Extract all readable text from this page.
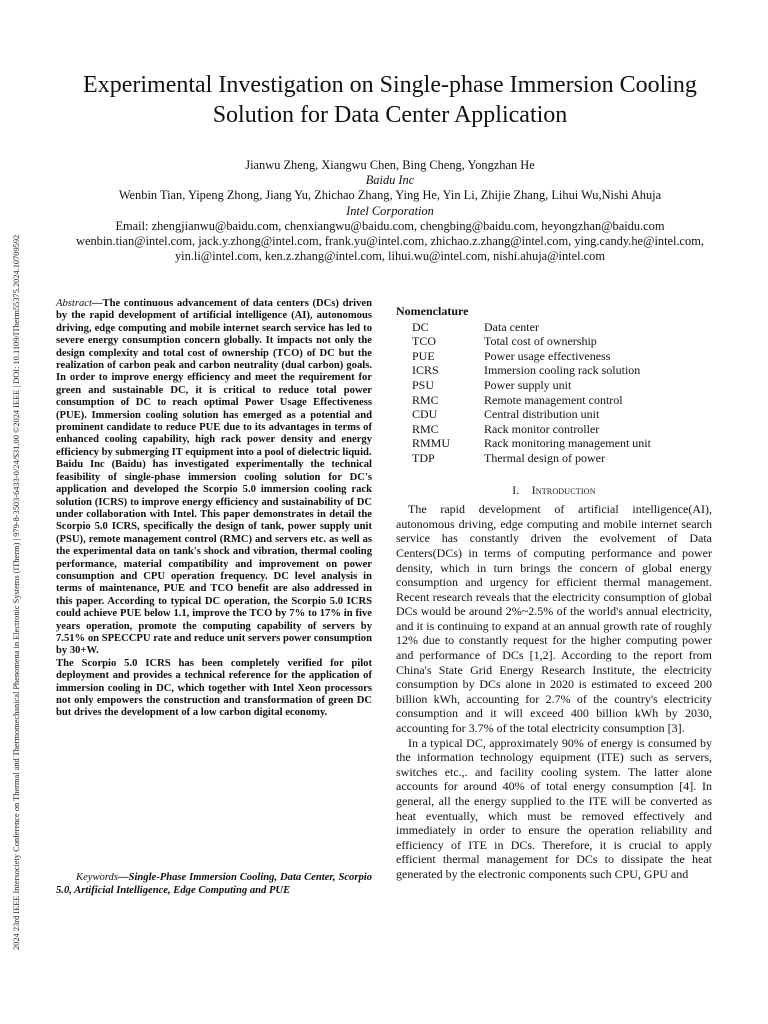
2024 23rd IEEE Intersociety Conference on Thermal and Thermomechanical Phenomena in Electronic Systems (ITherm) | 979-8-3503-6433-0/24/$31.00 ©2024 IEEE | DOI: 10.1109/ITherm55375.2024.10709592
Experimental Investigation on Single-phase Immersion Cooling
Solution for Data Center Application
Jianwu Zheng, Xiangwu Chen, Bing Cheng, Yongzhan He
Baidu Inc
Wenbin Tian, Yipeng Zhong, Jiang Yu, Zhichao Zhang, Ying He, Yin Li, Zhijie Zhang, Lihui Wu,Nishi Ahuja
Intel Corporation
Email: zhengjianwu@baidu.com, chenxiangwu@baidu.com, chengbing@baidu.com, heyongzhan@baidu.com
wenbin.tian@intel.com, jack.y.zhong@intel.com, frank.yu@intel.com, zhichao.z.zhang@intel.com, ying.candy.he@intel.com,
yin.li@intel.com, ken.z.zhang@intel.com, lihui.wu@intel.com, nishi.ahuja@intel.com

Abstract—The continuous advancement of data centers (DCs) driven by the rapid development of artificial intelligence (AI), autonomous driving, edge computing and mobile internet search service has led to severe energy consumption concern globally. It impacts not only the design complexity and total cost of ownership (TCO) of DC but the realization of carbon peak and carbon neutrality (dual carbon) goals. In order to improve energy efficiency and meet the requirement for green and sustainable DC, it is critical to reduce total power consumption of DC to reach optimal Power Usage Effectiveness (PUE). Immersion cooling solution has emerged as a potential and prominent candidate to reduce PUE due to its advantages in terms of enhanced cooling capability, high rack power density and energy efficiency by submerging IT equipment into a pool of dielectric liquid.

Baidu Inc (Baidu) has investigated experimentally the technical feasibility of single-phase immersion cooling solution for DC's application and developed the Scorpio 5.0 immersion cooling rack solution (ICRS) to improve energy efficiency and sustainability of DC under collaboration with Intel. This paper demonstrates in detail the Scorpio 5.0 ICRS, specifically the design of tank, power supply unit (PSU), remote management control (RMC) and servers etc. as well as the experimental data on tank's shock and vibration, thermal cooling performance, material compatibility and improvement on power consumption and CPU operation frequency. DC level analysis in terms of maintenance, PUE and TCO benefit are also addressed in this paper. According to typical DC operation, the Scorpio 5.0 ICRS could achieve PUE below 1.1, improve the TCO by 7% to 17% in five years operation, promote the computing capability of servers by 7.51% on SPECCPU rate and reduce unit servers power consumption by 30+W.

The Scorpio 5.0 ICRS has been completely verified for pilot deployment and provides a technical reference for the application of immersion cooling in DC, which together with Intel Xeon processors not only empowers the construction and transformation of green DC but drives the development of a low carbon digital economy.

Keywords—Single-Phase Immersion Cooling, Data Center, Scorpio 5.0, Artificial Intelligence, Edge Computing and PUE
Nomenclature
DC	Data center
TCO	Total cost of ownership
PUE	Power usage effectiveness
ICRS	Immersion cooling rack solution
PSU	Power supply unit
RMC	Remote management control
CDU	Central distribution unit
RMC	Rack monitor controller
RMMU	Rack monitoring management unit
TDP	Thermal design of power
I. Introduction

The rapid development of artificial intelligence(AI), autonomous driving, edge computing and mobile internet search service has constantly driven the evolvement of Data Centers(DCs) in terms of computing performance and power density, which in turn brings the concern of global energy consumption and urgency for efficient thermal management. Recent research reveals that the electricity consumption of global DCs would be around 2%~2.5% of the world's annual electricity, and it is continuing to expand at an annual growth rate of roughly 12% due to constantly request for the higher computing power and performance of DCs [1,2]. According to the report from China's State Grid Energy Research Institute, the electricity consumption by DCs alone in 2020 is estimated to exceed 200 billion kWh, accounting for 2.7% of the country's electricity consumption and it will exceed 400 billion kWh by 2030, accounting for 3.7% of the total electricity consumption [3].

In a typical DC, approximately 90% of energy is consumed by the information technology equipment (ITE) such as servers, switches etc.,. and facility cooling system. The latter alone accounts for around 40% of total energy consumption [4]. In general, all the energy supplied to the ITE will be converted as heat eventually, which must be removed effectively and immediately in order to ensure the operation reliability and efficiency of ITE in DCs. Therefore, it is crucial to apply efficient thermal management for DCs to dissipate the heat generated by the electronic components such CPU, GPU and
